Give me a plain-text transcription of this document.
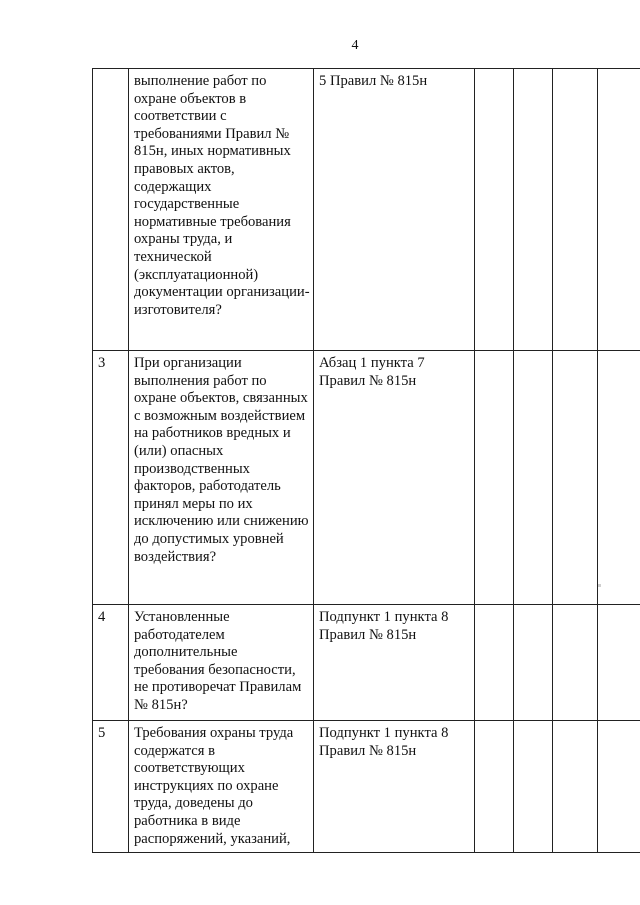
4

	выполнение работ по охране объектов в соответствии с требованиями Правил № 815н, иных нормативных правовых актов, содержащих государственные нормативные требования охраны труда, и технической (эксплуатационной) документации организации-изготовителя?	5 Правил № 815н				

3	При организации выполнения работ по охране объектов, связанных с возможным воздействием на работников вредных и (или) опасных производственных факторов, работодатель принял меры по их исключению или снижению до допустимых уровней воздействия?	Абзац 1 пункта 7 Правил № 815н				

4	Установленные работодателем дополнительные требования безопасности, не противоречат Правилам № 815н?	Подпункт 1 пункта 8 Правил № 815н				

5	Требования охраны труда содержатся в соответствующих инструкциях по охране труда, доведены до работника в виде распоряжений, указаний,	Подпункт 1 пункта 8 Правил № 815н				
